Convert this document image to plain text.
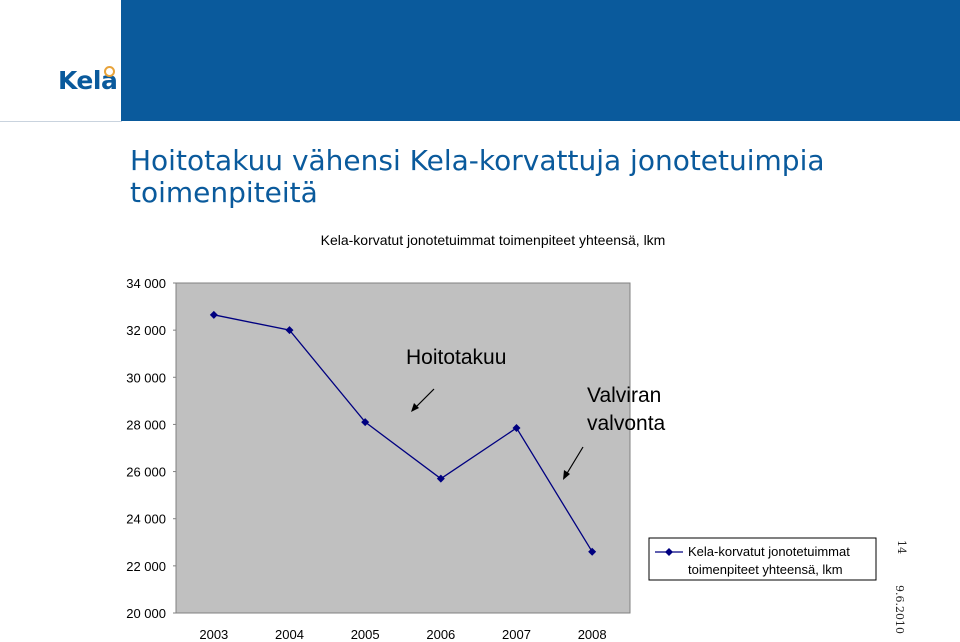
Kela
Hoitotakuu vähensi Kela-korvattuja jonotetuimpia toimenpiteitä
Kela-korvatut jonotetuimmat toimenpiteet yhteensä, lkm
20 000
22 000
24 000
26 000
28 000
30 000
32 000
34 000
2003	2004	2005	2006	2007	2008
Hoitotakuu
Valviran
valvonta
Kela-korvatut jonotetuimmat
toimenpiteet yhteensä, lkm
14
9.6.2010
